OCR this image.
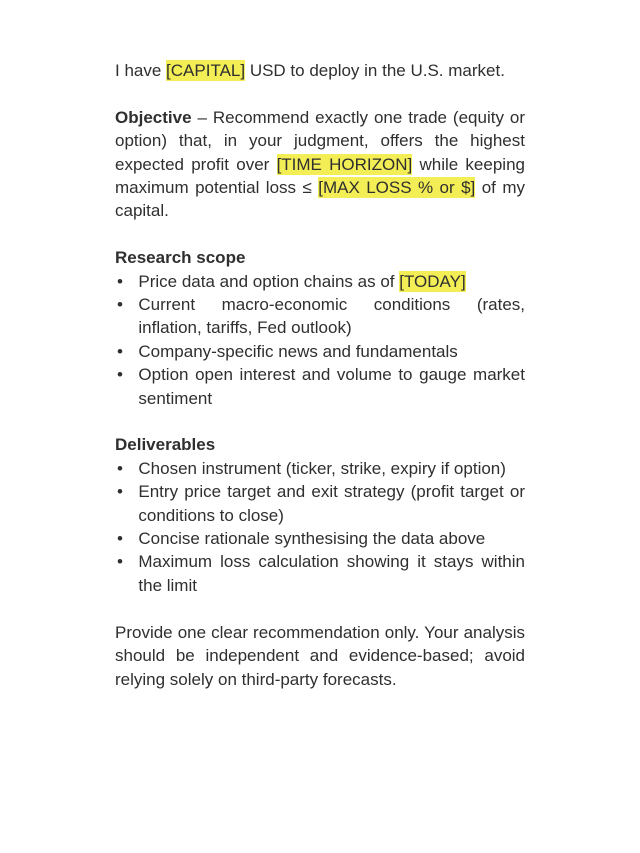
I have [CAPITAL] USD to deploy in the U.S. market.

Objective – Recommend exactly one trade (equity or option) that, in your judgment, offers the highest expected profit over [TIME HORIZON] while keeping maximum potential loss ≤ [MAX LOSS % or $] of my capital.

Research scope

• Price data and option chains as of [TODAY]
• Current macro-economic conditions (rates, inflation, tariffs, Fed outlook)
• Company-specific news and fundamentals
• Option open interest and volume to gauge market sentiment

Deliverables

• Chosen instrument (ticker, strike, expiry if option)
• Entry price target and exit strategy (profit target or conditions to close)
• Concise rationale synthesising the data above
• Maximum loss calculation showing it stays within the limit

Provide one clear recommendation only. Your analysis should be independent and evidence-based; avoid relying solely on third-party forecasts.
